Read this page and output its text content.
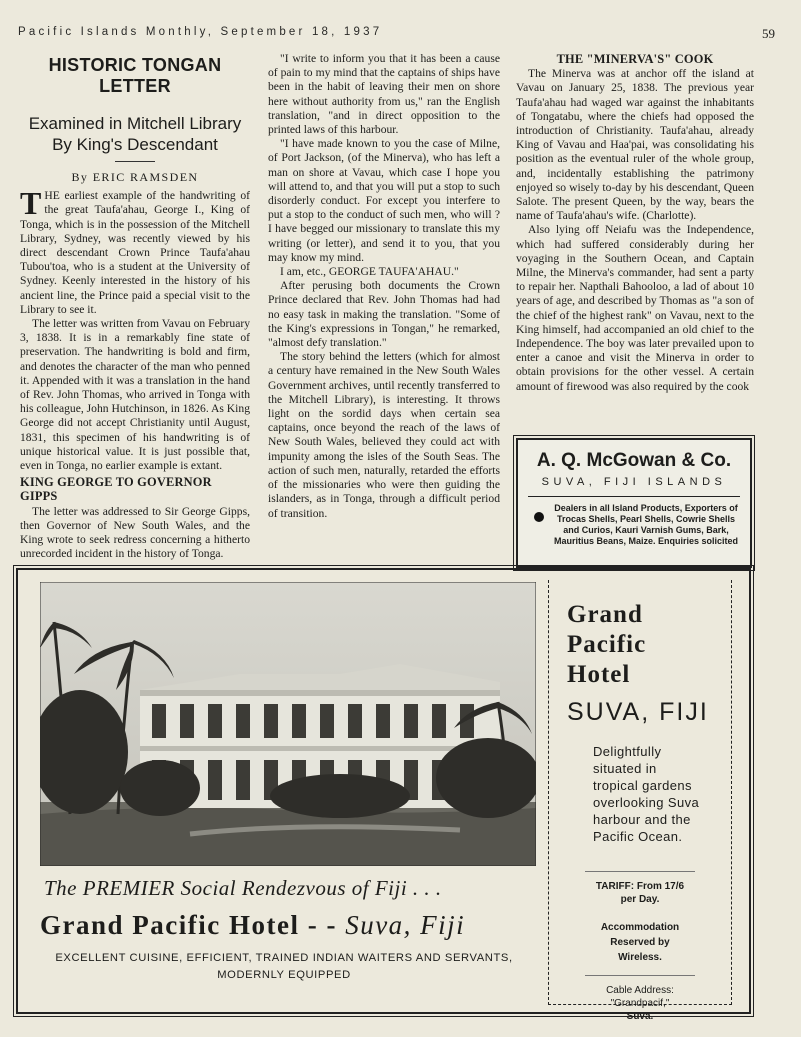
Pacific Islands Monthly, September 18, 1937	59
HISTORIC TONGAN
LETTER
Examined in Mitchell Library
By King's Descendant
By ERIC RAMSDEN

THE earliest example of the handwriting of the great Taufa'ahau, George I., King of Tonga, which is in the possession of the Mitchell Library, Sydney, was recently viewed by his direct descendant Crown Prince Taufa'ahau Tubou'toa, who is a student at the University of Sydney. Keenly interested in the history of his ancient line, the Prince paid a special visit to the Library to see it.

The letter was written from Vavau on February 3, 1838. It is in a remarkably fine state of preservation. The handwriting is bold and firm, and denotes the character of the man who penned it. Appended with it was a translation in the hand of Rev. John Thomas, who arrived in Tonga with his colleague, John Hutchinson, in 1826. As King George did not accept Christianity until August, 1831, this specimen of his handwriting is of unique historical value. It is just possible that, even in Tonga, no earlier example is extant.

KING GEORGE TO GOVERNOR GIPPS

The letter was addressed to Sir George Gipps, then Governor of New South Wales, and the King wrote to seek redress concerning a hitherto unrecorded incident in the history of Tonga.

"I write to inform you that it has been a cause of pain to my mind that the captains of ships have been in the habit of leaving their men on shore here without authority from us," ran the English translation, "and in direct opposition to the printed laws of this harbour.

"I have made known to you the case of Milne, of Port Jackson, (of the Minerva), who has left a man on shore at Vavau, which case I hope you will attend to, and that you will put a stop to such disorderly conduct. For except you interfere to put a stop to the conduct of such men, who will ? I have begged our missionary to translate this my writing (or letter), and send it to you, that you may know my mind.

I am, etc., GEORGE TAUFA'AHAU."

After perusing both documents the Crown Prince declared that Rev. John Thomas had had no easy task in making the translation. "Some of the King's expressions in Tongan," he remarked, "almost defy translation."

The story behind the letters (which for almost a century have remained in the New South Wales Government archives, until recently transferred to the Mitchell Library), is interesting. It throws light on the sordid days when certain sea captains, once beyond the reach of the laws of New South Wales, believed they could act with impunity among the isles of the South Seas. The action of such men, naturally, retarded the efforts of the missionaries who were then guiding the islanders, as in Tonga, through a difficult period of transition.

THE "MINERVA'S" COOK

The Minerva was at anchor off the island at Vavau on January 25, 1838. The previous year Taufa'ahau had waged war against the inhabitants of Tongatabu, where the chiefs had opposed the introduction of Christianity. Taufa'ahau, already King of Vavau and Haa'pai, was consolidating his position as the eventual ruler of the whole group, and, incidentally establishing the patrimony enjoyed so wisely to-day by his descendant, Queen Salote. The present Queen, by the way, bears the name of Taufa'ahau's wife. (Charlotte).

Also lying off Neiafu was the Independence, which had suffered considerably during her voyaging in the Southern Ocean, and Captain Milne, the Minerva's commander, had sent a party to repair her. Napthali Bahooloo, a lad of about 10 years of age, and described by Thomas as "a son of the chief of the highest rank" on Vavau, next to the King himself, had accompanied an old chief to the Independence. The boy was later prevailed upon to enter a canoe and visit the Minerva in order to obtain provisions for the other vessel. A certain amount of firewood was also required by the cook

A. Q. McGowan & Co.
SUVA, FIJI ISLANDS
Dealers in all Island Products, Exporters of Trocas Shells, Pearl Shells, Cowrie Shells and Curios, Kauri Varnish Gums, Bark, Mauritius Beans, Maize. Enquiries solicited
The PREMIER Social Rendezvous of Fiji . . .
Grand Pacific Hotel - - Suva, Fiji
EXCELLENT CUISINE, EFFICIENT, TRAINED INDIAN WAITERS AND SERVANTS,
MODERNLY EQUIPPED
Grand
Pacific
Hotel
SUVA, FIJI
Delightfully situated in tropical gardens overlooking Suva harbour and the Pacific Ocean.
TARIFF: From 17/6
per Day.
Accommodation
Reserved by
Wireless.
Cable Address:
"Grandpacif,"
Suva.
